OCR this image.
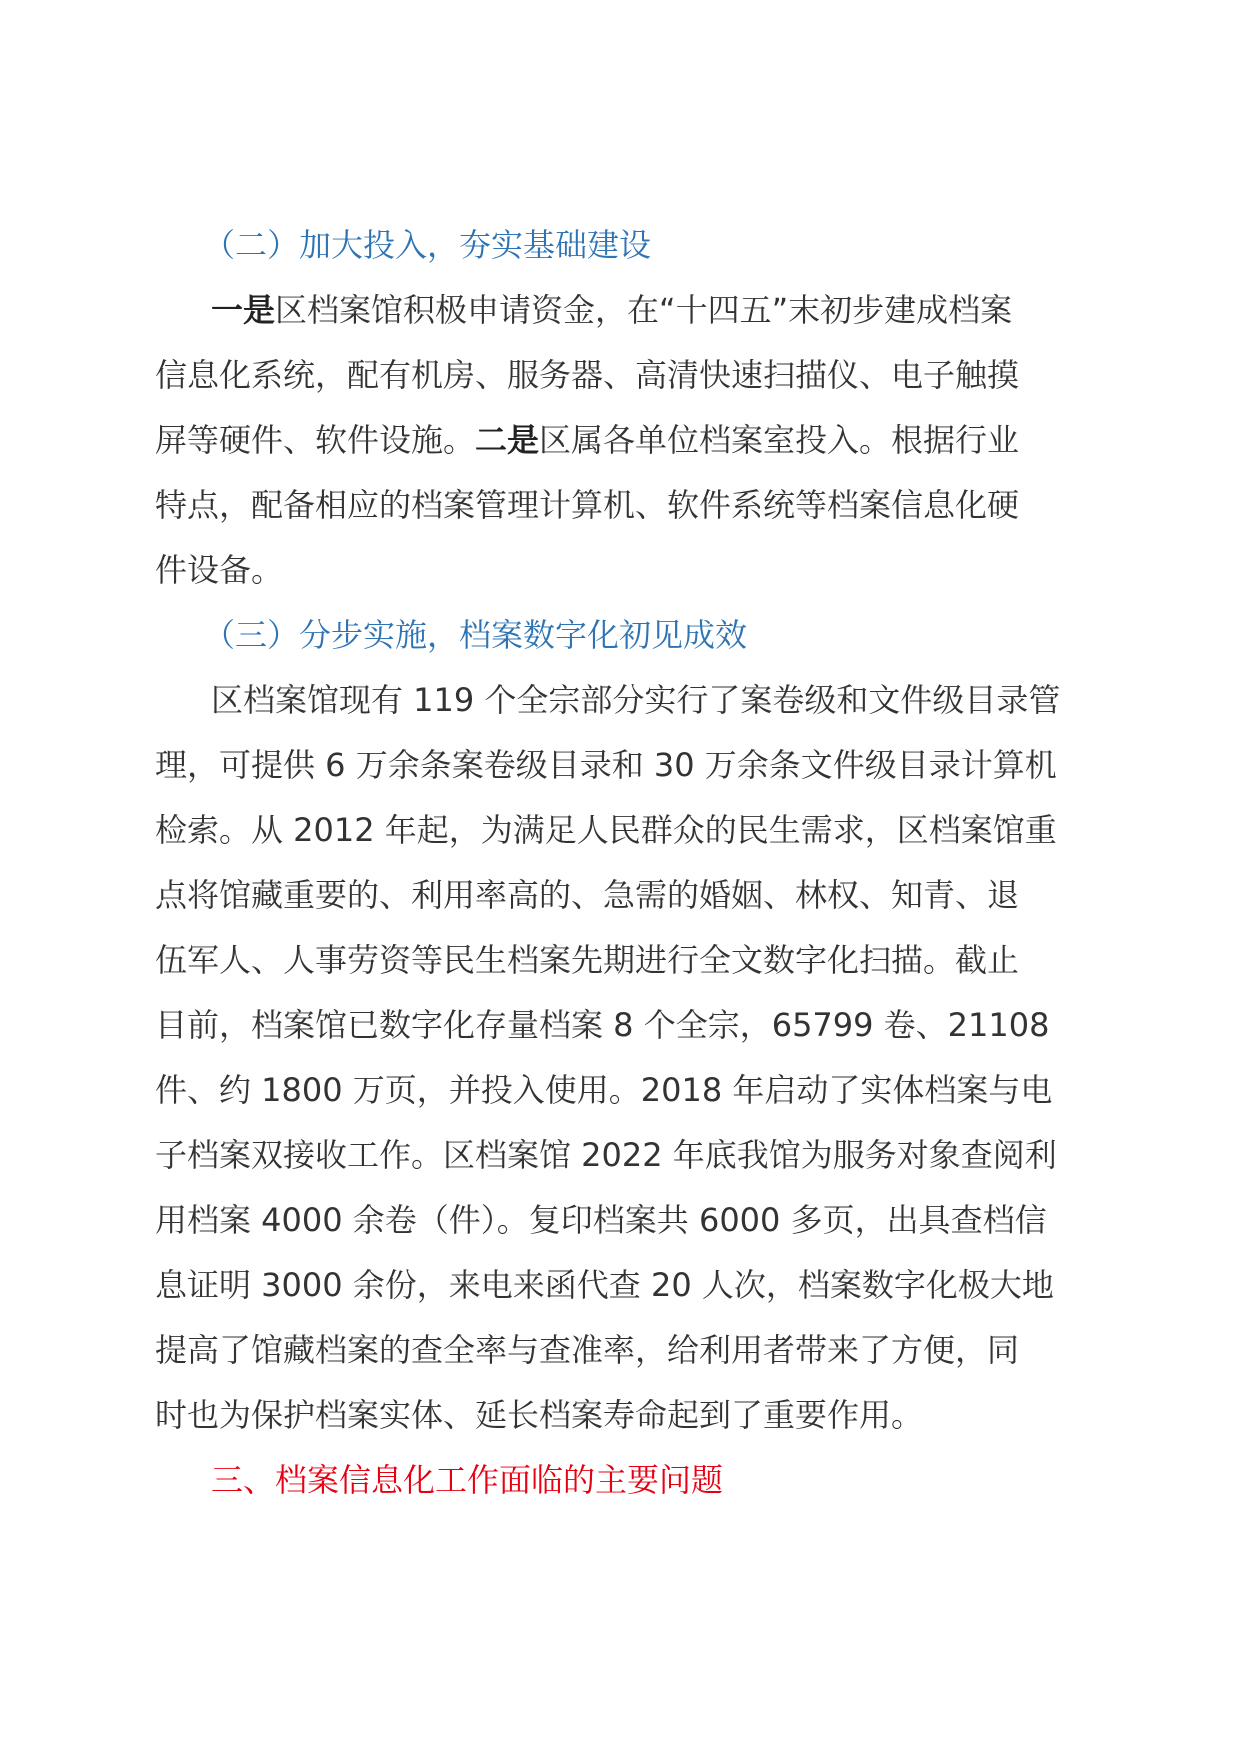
（二）加大投入，夯实基础建设
一是区档案馆积极申请资金，在“十四五”末初步建成档案
信息化系统，配有机房、服务器、高清快速扫描仪、电子触摸
屏等硬件、软件设施。二是区属各单位档案室投入。根据行业
特点，配备相应的档案管理计算机、软件系统等档案信息化硬
件设备。
（三）分步实施，档案数字化初见成效
区档案馆现有 119 个全宗部分实行了案卷级和文件级目录管
理，可提供 6 万余条案卷级目录和 30 万余条文件级目录计算机
检索。从 2012 年起，为满足人民群众的民生需求，区档案馆重
点将馆藏重要的、利用率高的、急需的婚姻、林权、知青、退
伍军人、人事劳资等民生档案先期进行全文数字化扫描。截止
目前，档案馆已数字化存量档案 8 个全宗，65799 卷、21108
件、约 1800 万页，并投入使用。2018 年启动了实体档案与电
子档案双接收工作。区档案馆 2022 年底我馆为服务对象查阅利
用档案 4000 余卷（件）。复印档案共 6000 多页，出具查档信
息证明 3000 余份，来电来函代查 20 人次，档案数字化极大地
提高了馆藏档案的查全率与查准率，给利用者带来了方便，同
时也为保护档案实体、延长档案寿命起到了重要作用。
三、档案信息化工作面临的主要问题
